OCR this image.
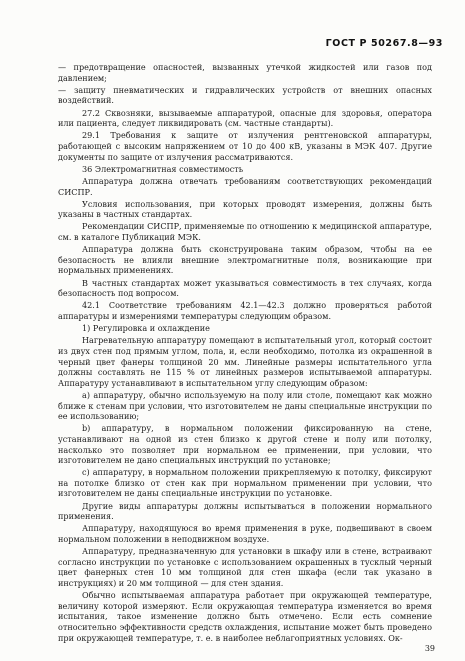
ГОСТ Р 50267.8—93

— предотвращение опасностей, вызванных утечкой жидкостей или газов под давлением;

— защиту пневматических и гидравлических устройств от внешних опасных воздействий.

27.2 Сквозняки, вызываемые аппаратурой, опасные для здоровья, оператора или пациента, следует ликвидировать (см. частные стандарты).

29.1 Требования к защите от излучения рентгеновской аппаратуры, работающей с высоким напряжением от 10 до 400 кВ, указаны в МЭК 407. Другие документы по защите от излучения рассматриваются.

36 Электромагнитная совместимость

Аппаратура должна отвечать требованиям соответствующих рекомендаций СИСПР.

Условия использования, при которых проводят измерения, должны быть указаны в частных стандартах.

Рекомендации СИСПР, применяемые по отношению к медицинской аппаратуре, см. в каталоге Публикаций МЭК.

Аппаратура должна быть сконструирована таким образом, чтобы на ее безопасность не влияли внешние электромагнитные поля, возникающие при нормальных применениях.

В частных стандартах может указываться совместимость в тех случаях, когда безопасность под вопросом.

42.1 Соответствие требованиям 42.1—42.3 должно проверяться работой аппаратуры и измерениями температуры следующим образом.

1) Регулировка и охлаждение

Нагревательную аппаратуру помещают в испытательный угол, который состоит из двух стен под прямым углом, пола, и, если необходимо, потолка из окрашенной в черный цвет фанеры толщиной 20 мм. Линейные размеры испытательного угла должны составлять не 115 % от линейных размеров испытываемой аппаратуры. Аппаратуру устанавливают в испытательном углу следующим образом:

а) аппаратуру, обычно используемую на полу или столе, помещают как можно ближе к стенам при условии, что изготовителем не даны специальные инструкции по ее использованию;

b) аппаратуру, в нормальном положении фиксированную на стене, устанавливают на одной из стен близко к другой стене и полу или потолку, насколько это позволяет при нормальном ее применении, при условии, что изготовителем не дано специальных инструкций по установке;

с) аппаратуру, в нормальном положении прикрепляемую к потолку, фиксируют на потолке близко от стен как при нормальном применении при условии, что изготовителем не даны специальные инструкции по установке.

Другие виды аппаратуры должны испытываться в положении нормального применения.

Аппаратуру, находящуюся во время применения в руке, подвешивают в своем нормальном положении в неподвижном воздухе.

Аппаратуру, предназначенную для установки в шкафу или в стене, встраивают согласно инструкции по установке с использованием окрашенных в тусклый черный цвет фанерных стен 10 мм толщиной для стен шкафа (если так указано в инструкциях) и 20 мм толщиной — для стен здания.

Обычно испытываемая аппаратура работает при окружающей температуре, величину которой измеряют. Если окружающая температура изменяется во время испытания, такое изменение должно быть отмечено. Если есть сомнение относительно эффективности средств охлаждения, испытание может быть проведено при окружающей температуре, т. е. в наиболее неблагоприятных условиях. Ок-

39
